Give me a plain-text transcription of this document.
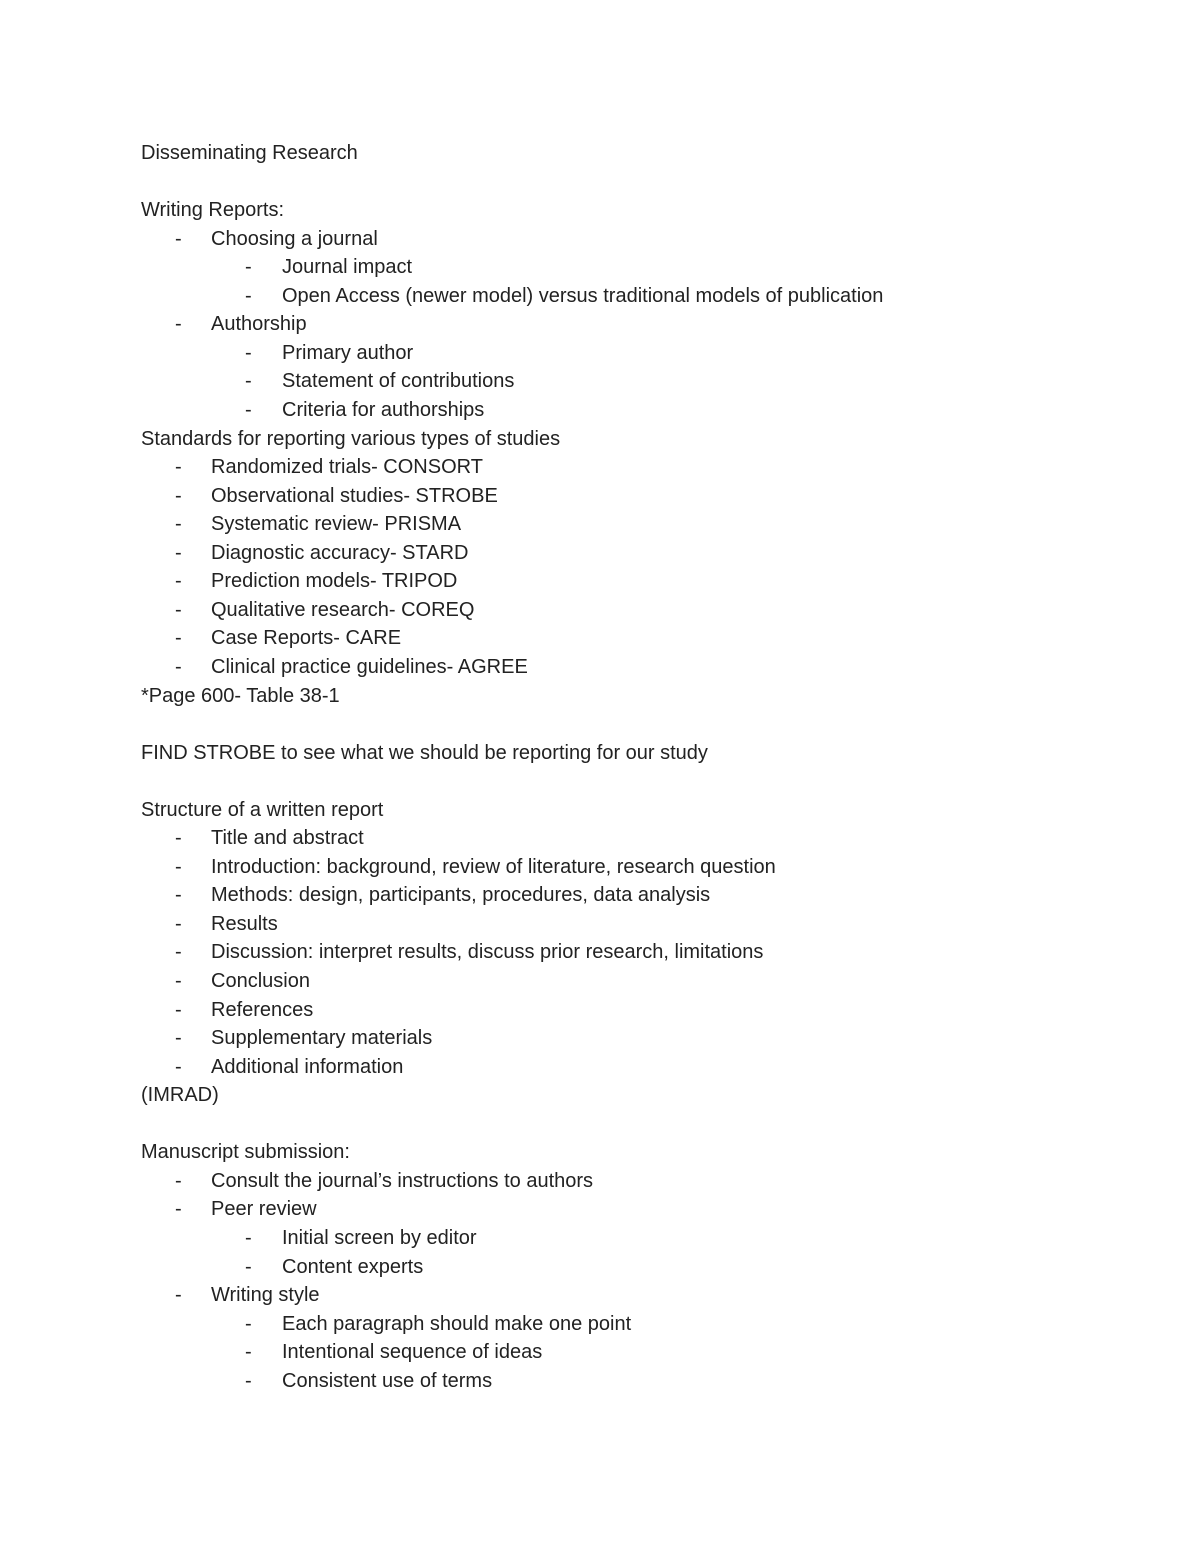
Disseminating Research
Writing Reports:
- Choosing a journal
- Journal impact
- Open Access (newer model) versus traditional models of publication
- Authorship
- Primary author
- Statement of contributions
- Criteria for authorships
Standards for reporting various types of studies
- Randomized trials- CONSORT
- Observational studies- STROBE
- Systematic review- PRISMA
- Diagnostic accuracy- STARD
- Prediction models- TRIPOD
- Qualitative research- COREQ
- Case Reports- CARE
- Clinical practice guidelines- AGREE
*Page 600- Table 38-1
FIND STROBE to see what we should be reporting for our study
Structure of a written report
- Title and abstract
- Introduction: background, review of literature, research question
- Methods: design, participants, procedures, data analysis
- Results
- Discussion: interpret results, discuss prior research, limitations
- Conclusion
- References
- Supplementary materials
- Additional information
(IMRAD)
Manuscript submission:
- Consult the journal’s instructions to authors
- Peer review
- Initial screen by editor
- Content experts
- Writing style
- Each paragraph should make one point
- Intentional sequence of ideas
- Consistent use of terms
